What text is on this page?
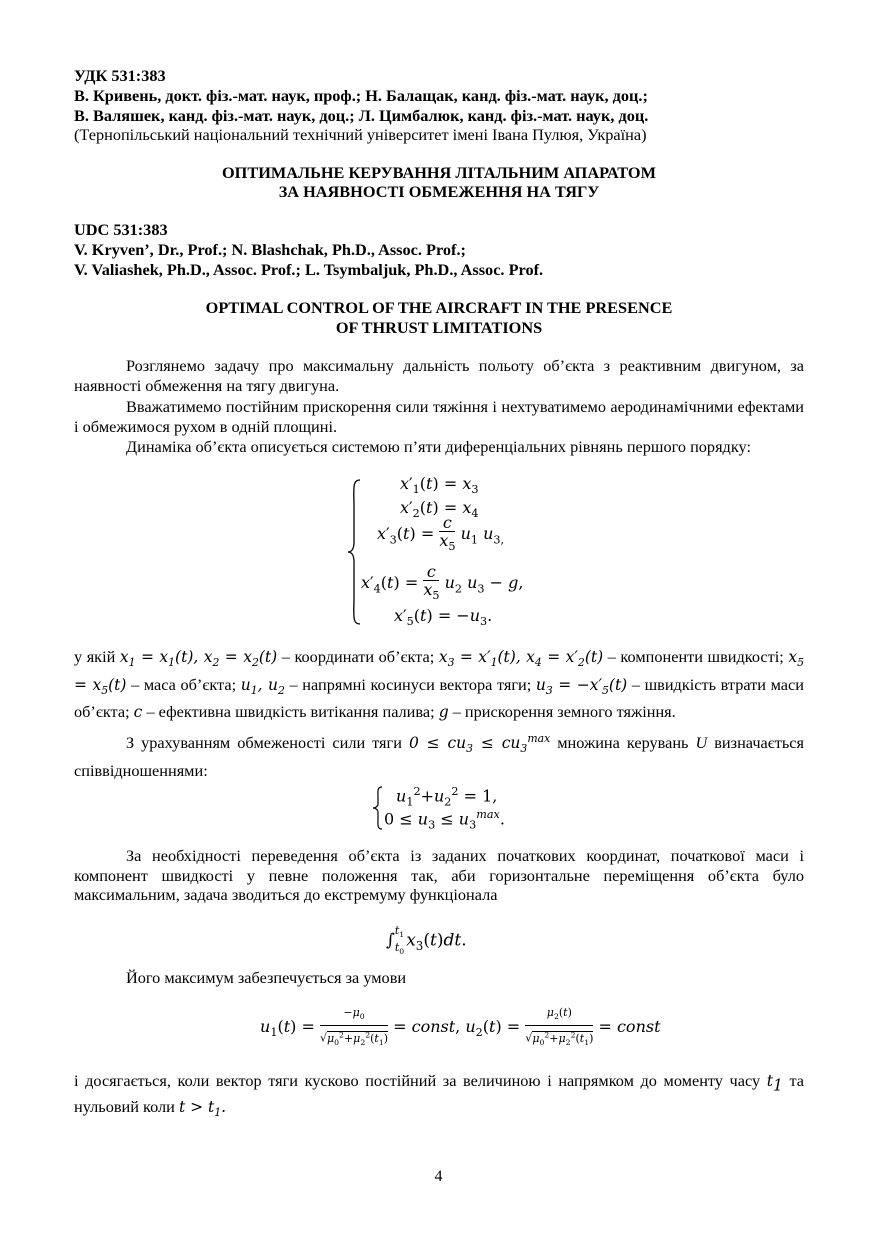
УДК 531:383
В. Кривень, докт. фіз.-мат. наук, проф.; Н. Балащак, канд. фіз.-мат. наук, доц.;
В. Валяшек, канд. фіз.-мат. наук, доц.; Л. Цимбалюк, канд. фіз.-мат. наук, доц.
(Тернопільський національний технічний університет імені Івана Пулюя, Україна)
ОПТИМАЛЬНЕ КЕРУВАННЯ ЛІТАЛЬНИМ АПАРАТОМ
ЗА НАЯВНОСТІ ОБМЕЖЕННЯ НА ТЯГУ
UDC 531:383
V. Kryven’, Dr., Prof.; N. Blashchak, Ph.D., Assoc. Prof.;
V. Valiashek, Ph.D., Assoc. Prof.; L. Tsymbaljuk, Ph.D., Assoc. Prof.
OPTIMAL CONTROL OF THE AIRCRAFT IN THE PRESENCE
OF THRUST LIMITATIONS
Розглянемо задачу про максимальну дальність польоту об’єкта з реактивним двигуном, за наявності обмеження на тягу двигуна.
Вважатимемо постійним прискорення сили тяжіння і нехтуватимемо аеродинамічними ефектами і обмежимося рухом в одній площині.
Динаміка об’єкта описується системою п’яти диференціальних рівнянь першого порядку:
$x'_1(t) = x_3$
$x'_2(t) = x_4$
$x'_3(t) = \frac{c}{x_5} u_1$ $u_{3,}$
$x'_4(t) = \frac{c}{x_5} u_2$ $u_3 - g$,
$x'_5(t) = -u_3$.
у якій $x_1 = x_1(t)$, $x_2 = x_2(t)$ – координати об’єкта; $x_3 = x'_1(t)$, $x_4 = x'_2(t)$ – компоненти швидкості; $x_5 = x_5(t)$ – маса об’єкта; $u_1$, $u_2$ – напрямні косинуси вектора тяги; $u_3 = -x'_5(t)$ – швидкість втрати маси об’єкта; c – ефективна швидкість витікання палива; g – прискорення земного тяжіння.
З урахуванням обмеженості сили тяги $0 \le cu_3 \le cu_3^{max}$ множина керувань U визначається співвідношеннями:
$u_1^2+u_2^2 = 1$,
$0 \le u_3 \le u_3^{max}$.
За необхідності переведення об’єкта із заданих початкових координат, початкової маси і компонент швидкості у певне положення так, аби горизонтальне переміщення об’єкта було максимальним, задача зводиться до екстремуму функціонала
$\int t_1$
$t_0x_3(t)dt$.
Його максимум забезпечується за умови
$u_1(t) = \frac{-\mu_0}{√\mu_0^2+\mu_2^2(t_1)}$ = const, $u_2(t) = \frac{\mu_2(t)}{√\mu_0^2+\mu_2^2(t_1)}$ = const
і досягається, коли вектор тяги кусково постійний за величиною і напрямком до моменту часу $t_1$ та нульовий коли $t > t_1$.
4
